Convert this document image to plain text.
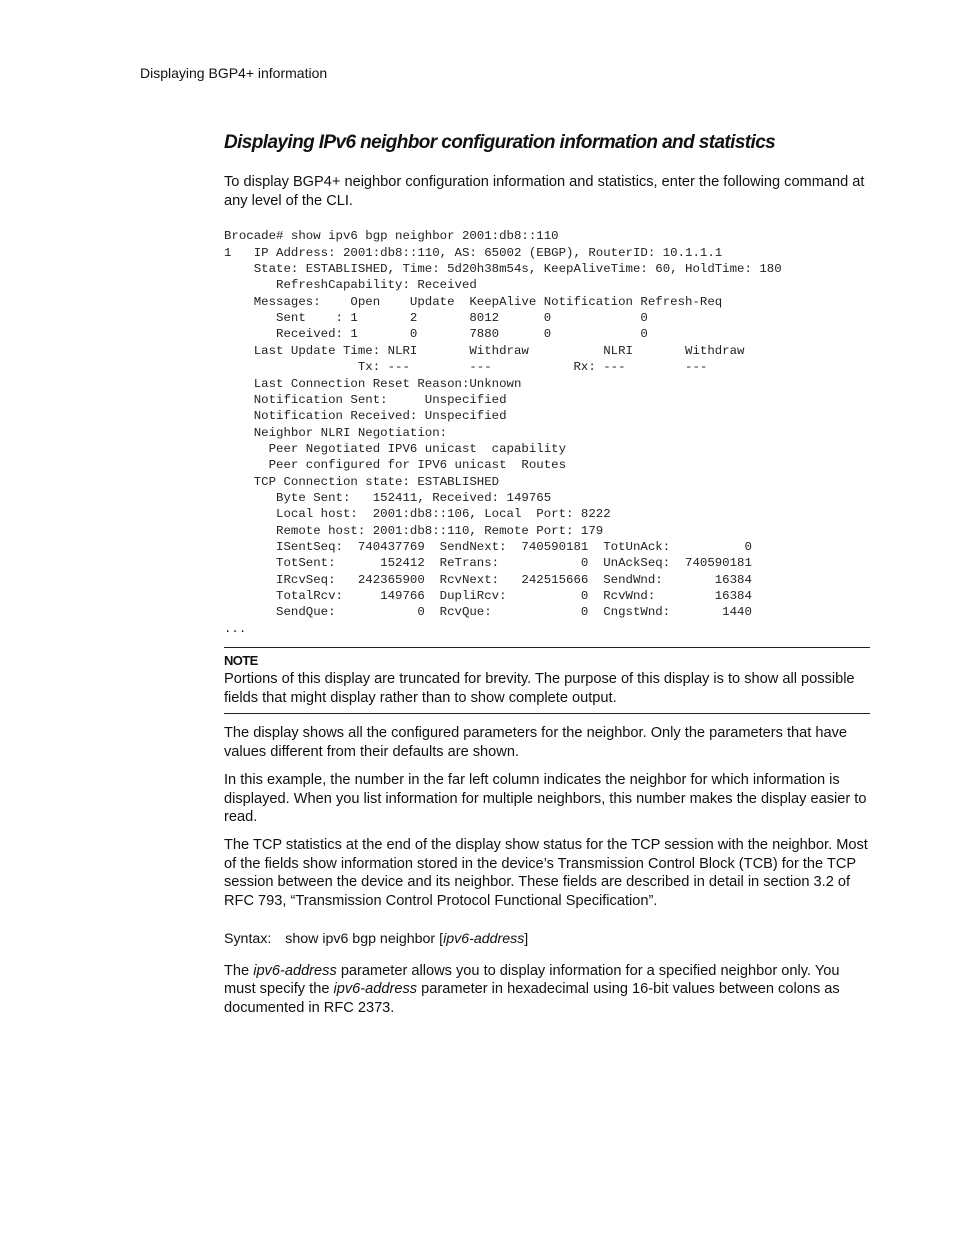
Displaying BGP4+ information
Displaying IPv6 neighbor configuration information and statistics

To display BGP4+ neighbor configuration information and statistics, enter the following command at any level of the CLI.

Brocade# show ipv6 bgp neighbor 2001:db8::110
1   IP Address: 2001:db8::110, AS: 65002 (EBGP), RouterID: 10.1.1.1
State: ESTABLISHED, Time: 5d20h38m54s, KeepAliveTime: 60, HoldTime: 180
RefreshCapability: Received
Messages:    Open    Update  KeepAlive Notification Refresh-Req
Sent    : 1       2       8012      0            0
Received: 1       0       7880      0            0
Last Update Time: NLRI       Withdraw          NLRI       Withdraw
Tx: ---        ---           Rx: ---        ---
Last Connection Reset Reason:Unknown
Notification Sent:     Unspecified
Notification Received: Unspecified
Neighbor NLRI Negotiation:
Peer Negotiated IPV6 unicast  capability
Peer configured for IPV6 unicast  Routes
TCP Connection state: ESTABLISHED
Byte Sent:   152411, Received: 149765
Local host:  2001:db8::106, Local  Port: 8222
Remote host: 2001:db8::110, Remote Port: 179
ISentSeq:  740437769  SendNext:  740590181  TotUnAck:          0
TotSent:      152412  ReTrans:           0  UnAckSeq:  740590181
IRcvSeq:   242365900  RcvNext:   242515666  SendWnd:       16384
TotalRcv:     149766  DupliRcv:          0  RcvWnd:        16384
SendQue:           0  RcvQue:            0  CngstWnd:       1440
...
NOTE

Portions of this display are truncated for brevity. The purpose of this display is to show all possible fields that might display rather than to show complete output.

The display shows all the configured parameters for the neighbor. Only the parameters that have values different from their defaults are shown.

In this example, the number in the far left column indicates the neighbor for which information is displayed. When you list information for multiple neighbors, this number makes the display easier to read.

The TCP statistics at the end of the display show status for the TCP session with the neighbor. Most of the fields show information stored in the device’s Transmission Control Block (TCB) for the TCP session between the device and its neighbor. These fields are described in detail in section 3.2 of RFC 793, “Transmission Control Protocol Functional Specification”.

Syntax: show ipv6 bgp neighbor [ipv6-address]

The ipv6-address parameter allows you to display information for a specified neighbor only. You must specify the ipv6-address parameter in hexadecimal using 16-bit values between colons as documented in RFC 2373.
